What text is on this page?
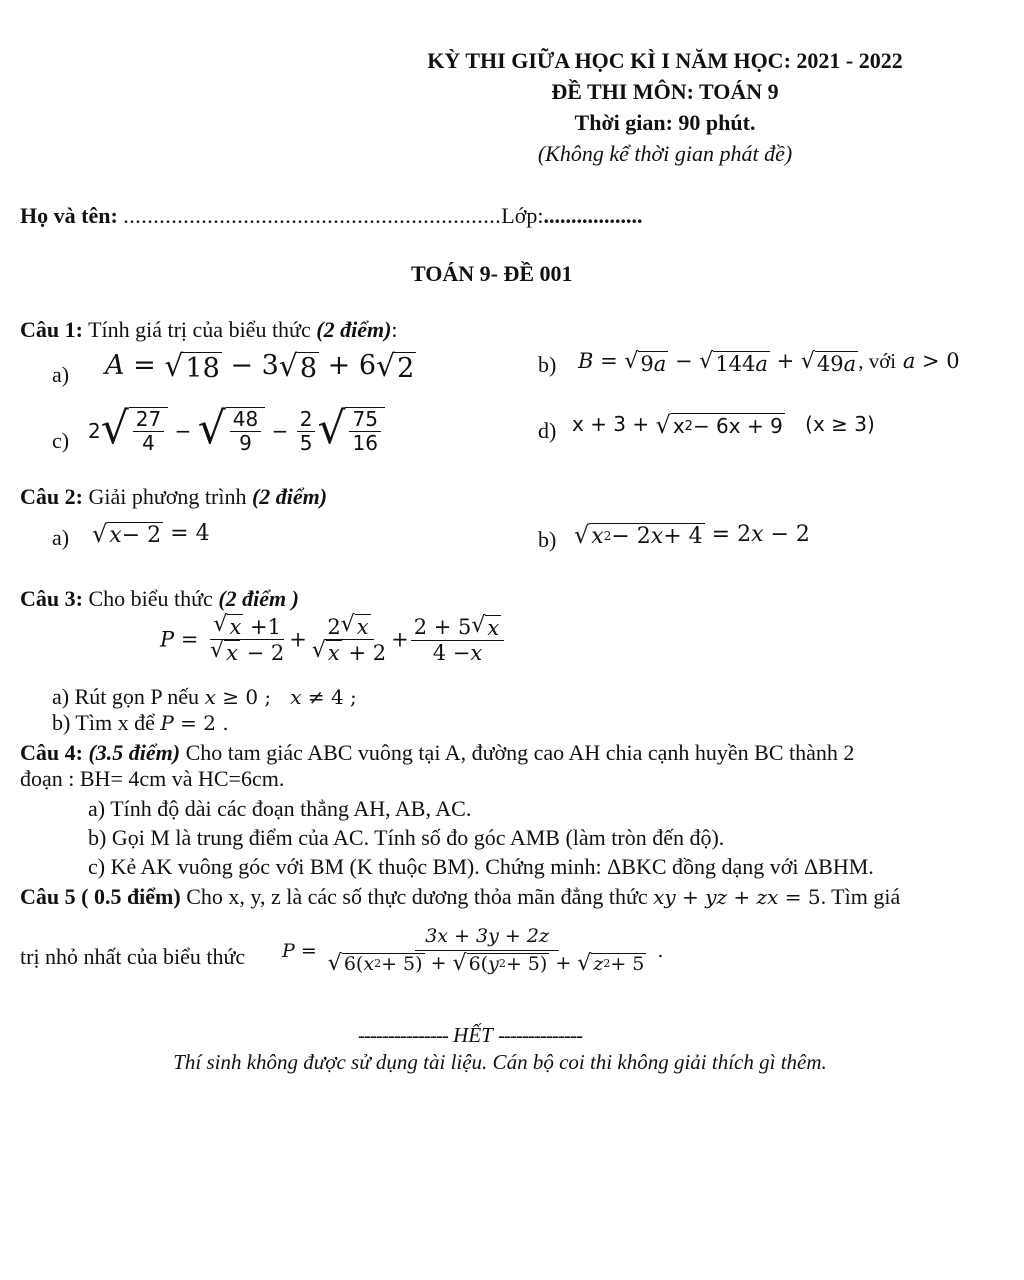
KỲ THI GIỮA HỌC KÌ I NĂM HỌC: 2021 - 2022
ĐỀ THI MÔN: TOÁN 9
Thời gian: 90 phút.
(Không kể thời gian phát đề)
Họ và tên: ...............................................................Lớp:..................
TOÁN 9- ĐỀ 001
Câu 1: Tính giá trị của biểu thức (2 điểm):
a) A = √ 18 − 3 √ 8 + 6 √ 2	b) B = √ 9 a − √ 144 a + √ 49 a , với a > 0
c) 2 √ $\frac{27}{4}$ − √ $\frac{48}{9} - \frac{2}{5}$ √ $\frac{75}{16}$	d) x + 3 + √ x 2 − 6x + 9 (x ≥ 3)
Câu 2: Giải phương trình (2 điểm)
a) √ x − 2 = 4	b) √ x 2 − 2 x + 4 = 2x − 2
Câu 3: Cho biểu thức (2 điểm )
$P = \frac{√ x +1}{√ x - 2} + \frac{2 √ x}{√ x + 2} + \frac{2 + 5 √ x}{4 - x}$
a) Rút gọn P nếu x ≥ 0 ;   x ≠ 4 ;
b) Tìm x để P = 2 .
Câu 4: (3.5 điểm) Cho tam giác ABC vuông tại A, đường cao AH chia cạnh huyền BC thành 2
đoạn : BH= 4cm và HC=6cm.
a) Tính độ dài các đoạn thẳng AH, AB, AC.
b) Gọi M là trung điểm của AC. Tính số đo góc AMB (làm tròn đến độ).
c) Kẻ AK vuông góc với BM (K thuộc BM). Chứng minh: ΔBKC đồng dạng với ΔBHM.
Câu 5 ( 0.5 điểm) Cho x, y, z là các số thực dương thỏa mãn đẳng thức xy + yz + zx = 5. Tìm giá
trị nhỏ nhất của biểu thức $P = \frac{3x + 3y + 2z}{√ 6( x 2 + 5) + √ 6( y 2 + 5) + √ z 2 + 5}$ .
--------------- HẾT --------------
Thí sinh không được sử dụng tài liệu. Cán bộ coi thi không giải thích gì thêm.
